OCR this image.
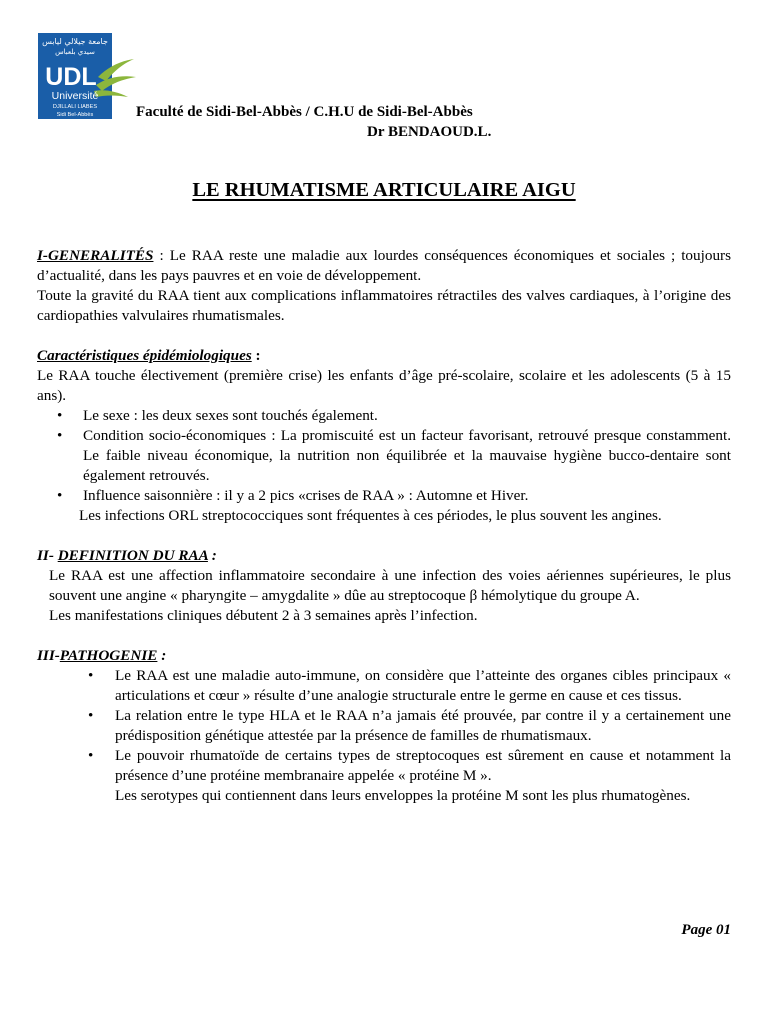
جامعة جيلالي ليابس
سيدي بلعباس
UDL
Université
DJILLALI LIABES
Sidi Bel-Abbès	Faculté de Sidi-Bel-Abbès / C.H.U de Sidi-Bel-Abbès
Dr BENDAOUD.L.
LE RHUMATISME ARTICULAIRE AIGU

I-GENERALITÉS : Le RAA reste une maladie aux lourdes conséquences économiques et sociales ; toujours d’actualité, dans les pays pauvres et en voie de développement.

Toute la gravité du RAA tient aux complications inflammatoires rétractiles des valves cardiaques, à l’origine des cardiopathies valvulaires rhumatismales.

Caractéristiques épidémiologiques :

Le RAA touche électivement (première crise) les enfants d’âge pré-scolaire, scolaire et les adolescents (5 à 15 ans).

• Le sexe : les deux sexes sont touchés également.
• Condition socio-économiques : La promiscuité est un facteur favorisant, retrouvé presque constamment. Le faible niveau économique, la nutrition non équilibrée et la mauvaise hygiène bucco-dentaire sont également retrouvés.
• Influence saisonnière : il y a 2 pics «crises de RAA » : Automne et Hiver.

Les infections ORL streptococciques sont fréquentes à ces périodes, le plus souvent les angines.

II- DEFINITION DU RAA :

Le RAA est une affection inflammatoire secondaire à une infection des voies aériennes supérieures, le plus souvent une angine « pharyngite – amygdalite » dûe au streptocoque β hémolytique du groupe A.

Les manifestations cliniques débutent 2 à 3 semaines après l’infection.

III-PATHOGENIE :

• Le RAA est une maladie auto-immune, on considère que l’atteinte des organes cibles principaux « articulations et cœur » résulte d’une analogie structurale entre le germe en cause et ces tissus.
• La relation entre le type HLA et le RAA n’a jamais été prouvée, par contre il y a certainement une prédisposition génétique attestée par la présence de familles de rhumatismaux.
• Le pouvoir rhumatoïde de certains types de streptocoques est sûrement en cause et notamment la présence d’une protéine membranaire appelée « protéine M ».

Les serotypes qui contiennent dans leurs enveloppes la protéine M sont les plus rhumatogènes.

Page 01
